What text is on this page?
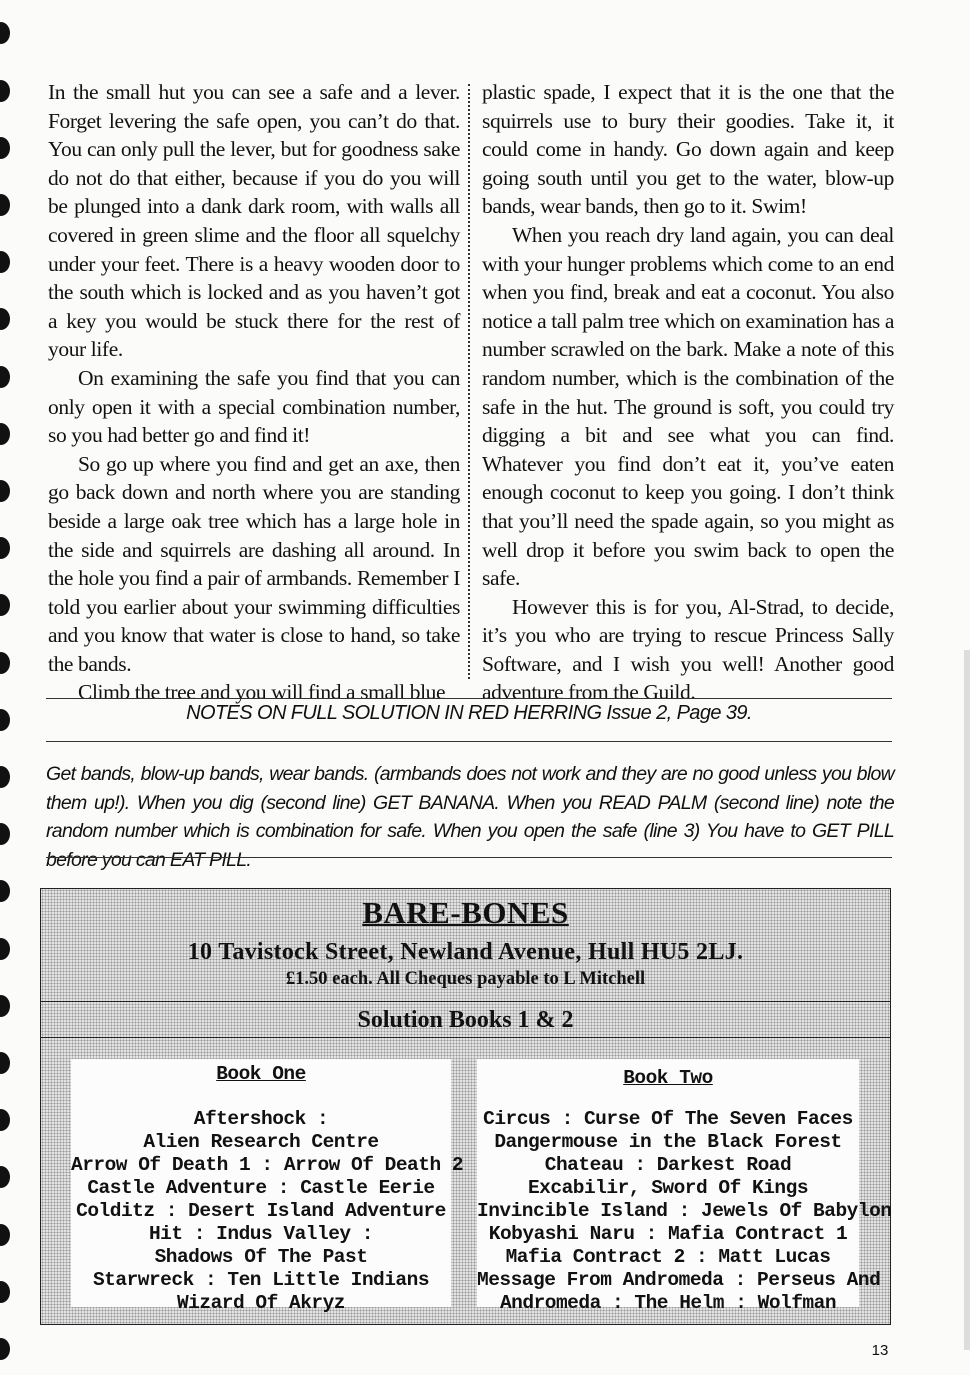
In the small hut you can see a safe and a lever. Forget levering the safe open, you can’t do that. You can only pull the lever, but for goodness sake do not do that either, because if you do you will be plunged into a dank dark room, with walls all covered in green slime and the floor all squelchy under your feet. There is a heavy wooden door to the south which is locked and as you haven’t got a key you would be stuck there for the rest of your life.

On examining the safe you find that you can only open it with a special combination number, so you had better go and find it!

So go up where you find and get an axe, then go back down and north where you are standing beside a large oak tree which has a large hole in the side and squirrels are dashing all around. In the hole you find a pair of armbands. Remember I told you earlier about your swimming difficulties and you know that water is close to hand, so take the bands.

Climb the tree and you will find a small blue

plastic spade, I expect that it is the one that the squirrels use to bury their goodies. Take it, it could come in handy. Go down again and keep going south until you get to the water, blow-up bands, wear bands, then go to it. Swim!

When you reach dry land again, you can deal with your hunger problems which come to an end when you find, break and eat a coconut. You also notice a tall palm tree which on examination has a number scrawled on the bark. Make a note of this random number, which is the combination of the safe in the hut. The ground is soft, you could try digging a bit and see what you can find. Whatever you find don’t eat it, you’ve eaten enough coconut to keep you going. I don’t think that you’ll need the spade again, so you might as well drop it before you swim back to open the safe.

However this is for you, Al-Strad, to decide, it’s you who are trying to rescue Princess Sally Software, and I wish you well! Another good adventure from the Guild.

NOTES ON FULL SOLUTION IN RED HERRING Issue 2, Page 39.
Get bands, blow-up bands, wear bands. (armbands does not work and they are no good unless you blow them up!). When you dig (second line) GET BANANA. When you READ PALM (second line) note the random number which is combination for safe. When you open the safe (line 3) You have to GET PILL before you can EAT PILL.
BARE-BONES
10 Tavistock Street, Newland Avenue, Hull HU5 2LJ.
£1.50 each. All Cheques payable to L Mitchell
Solution Books 1 & 2
Book One
Aftershock :
Alien Research Centre
Arrow Of Death 1 : Arrow Of Death 2
Castle Adventure : Castle Eerie
Colditz : Desert Island Adventure
Hit : Indus Valley :
Shadows Of The Past
Starwreck : Ten Little Indians
Wizard Of Akryz
Book Two
Circus : Curse Of The Seven Faces
Dangermouse in the Black Forest
Chateau : Darkest Road
Excabilir, Sword Of Kings
Invincible Island : Jewels Of Babylon
Kobyashi Naru : Mafia Contract 1
Mafia Contract 2 : Matt Lucas
Message From Andromeda : Perseus And
Andromeda : The Helm : Wolfman
13
